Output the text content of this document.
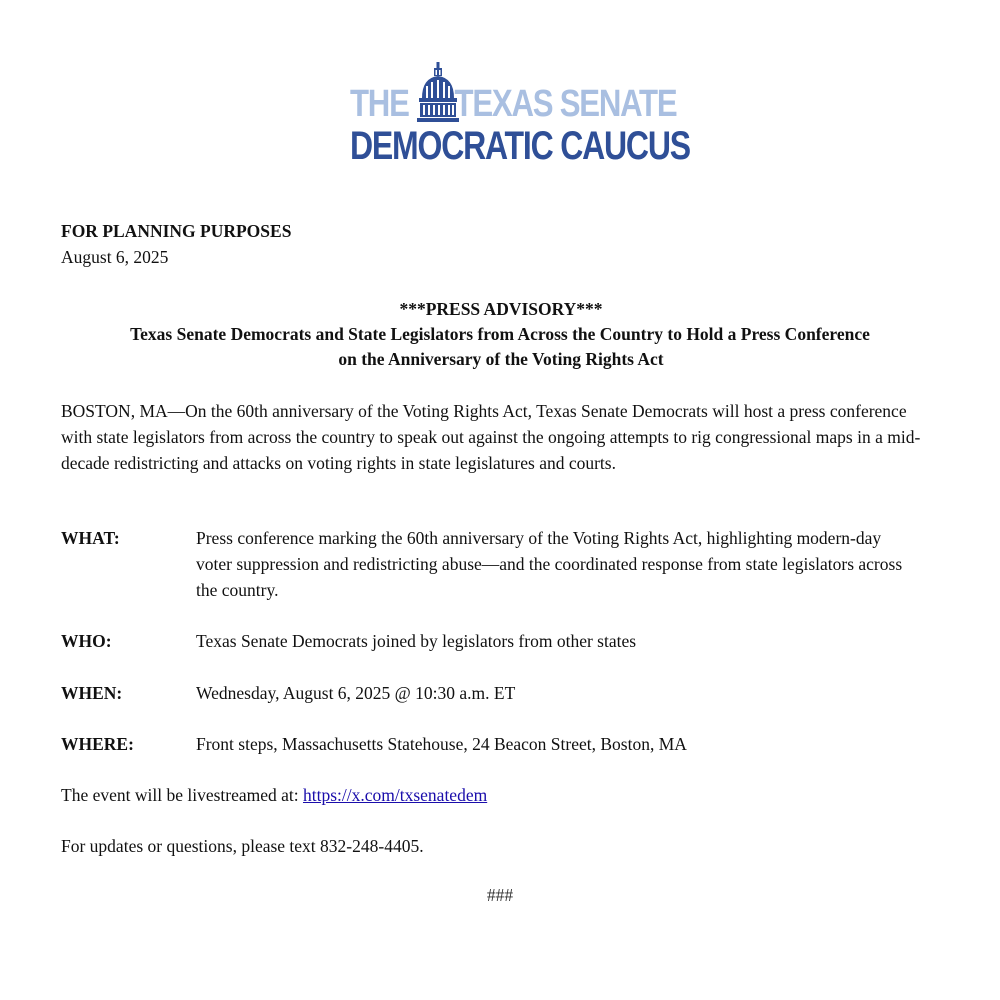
THE TEXAS SENATE
DEMOCRATIC CAUCUS
FOR PLANNING PURPOSES
August 6, 2025
***PRESS ADVISORY***
Texas Senate Democrats and State Legislators from Across the Country to Hold a Press Conference
on the Anniversary of the Voting Rights Act
BOSTON, MA—On the 60th anniversary of the Voting Rights Act, Texas Senate Democrats will host a press conference with state legislators from across the country to speak out against the ongoing attempts to rig congressional maps in a mid-decade redistricting and attacks on voting rights in state legislatures and courts.
WHAT:	Press conference marking the 60th anniversary of the Voting Rights Act, highlighting modern-day voter suppression and redistricting abuse—and the coordinated response from state legislators across the country.
WHO:	Texas Senate Democrats joined by legislators from other states
WHEN:	Wednesday, August 6, 2025 @ 10:30 a.m. ET
WHERE:	Front steps, Massachusetts Statehouse, 24 Beacon Street, Boston, MA
The event will be livestreamed at: https://x.com/txsenatedem
For updates or questions, please text 832-248-4405.
###
